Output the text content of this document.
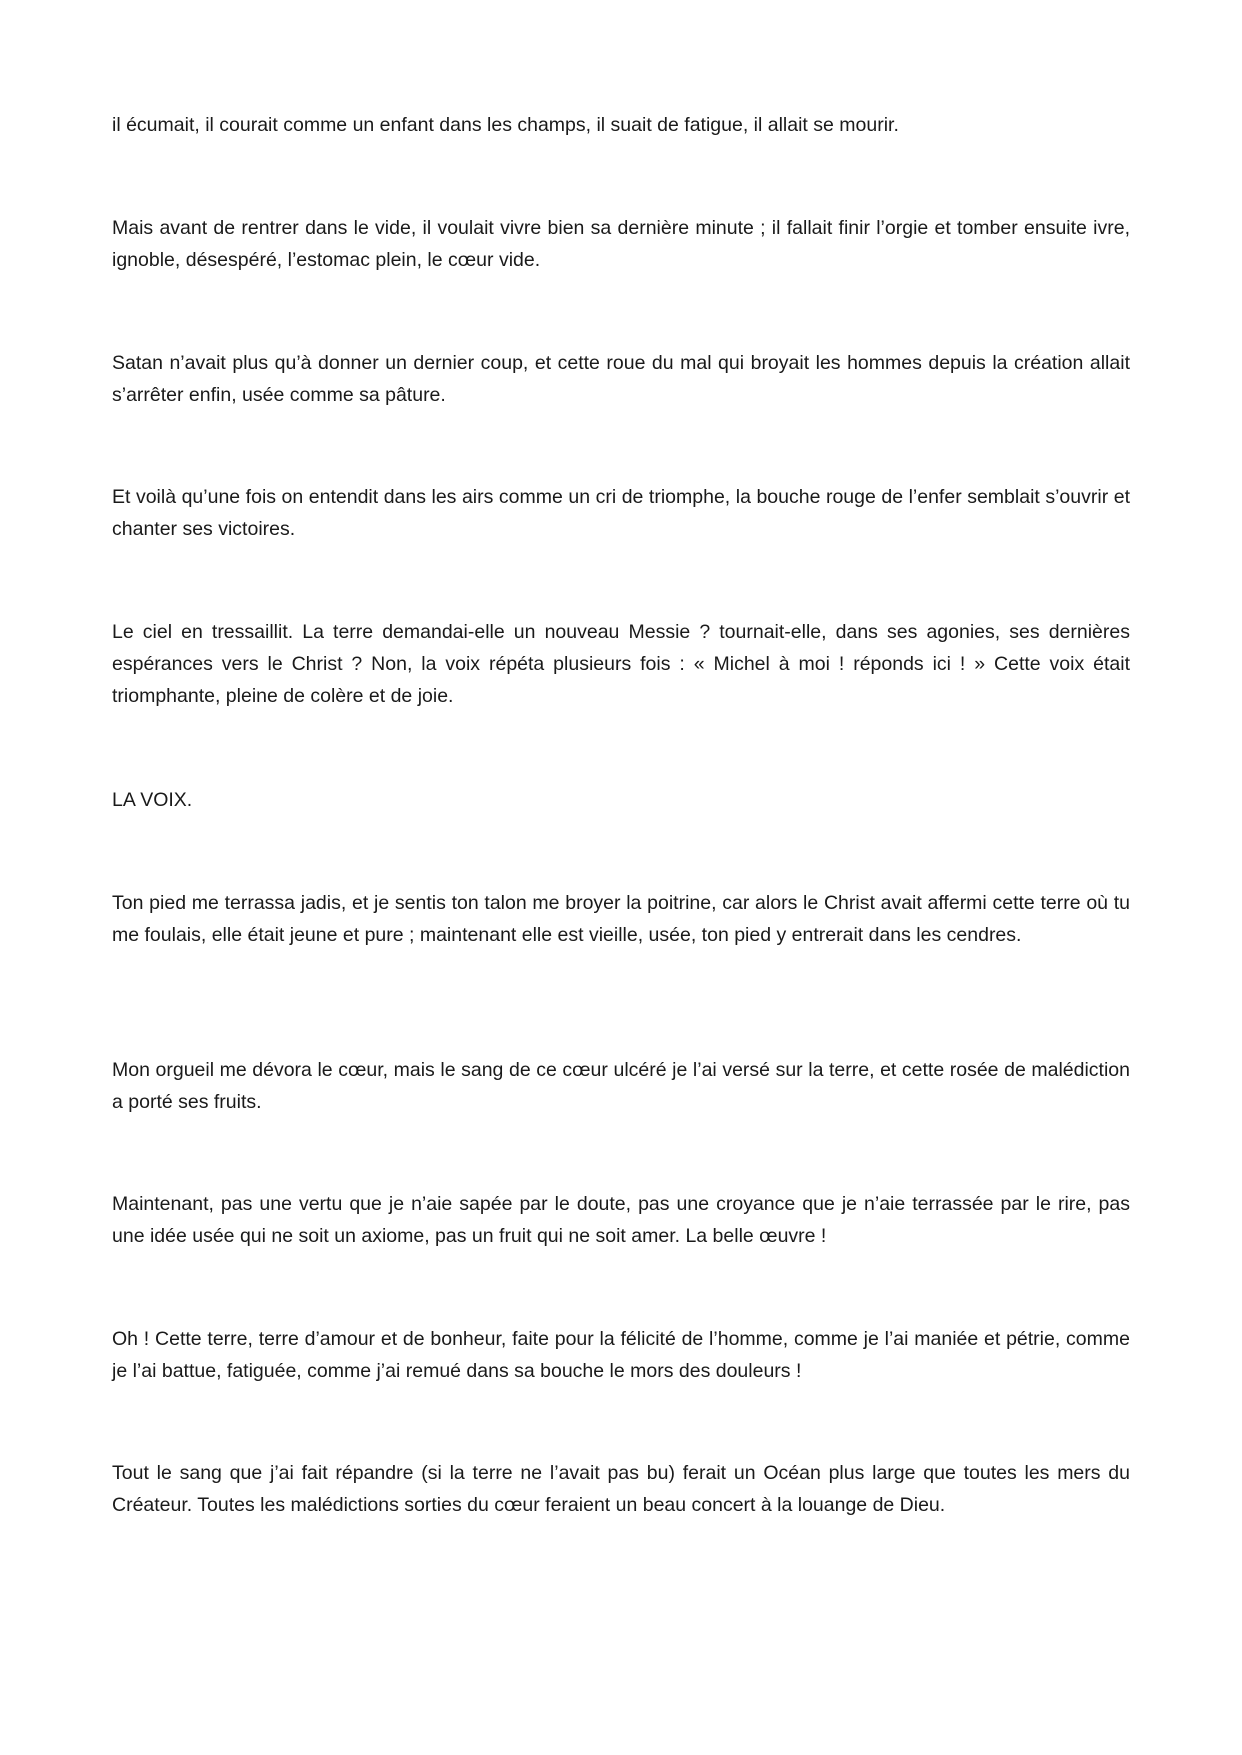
il écumait, il courait comme un enfant dans les champs, il suait de fatigue, il allait se mourir.

Mais avant de rentrer dans le vide, il voulait vivre bien sa dernière minute ; il fallait finir l’orgie et tomber ensuite ivre, ignoble, désespéré, l’estomac plein, le cœur vide.

Satan n’avait plus qu’à donner un dernier coup, et cette roue du mal qui broyait les hommes depuis la création allait s’arrêter enfin, usée comme sa pâture.

Et voilà qu’une fois on entendit dans les airs comme un cri de triomphe, la bouche rouge de l’enfer semblait s’ouvrir et chanter ses victoires.

Le ciel en tressaillit. La terre demandai-elle un nouveau Messie ? tournait-elle, dans ses agonies, ses dernières espérances vers le Christ ? Non, la voix répéta plusieurs fois : « Michel à moi ! réponds ici ! » Cette voix était triomphante, pleine de colère et de joie.

LA VOIX.

Ton pied me terrassa jadis, et je sentis ton talon me broyer la poitrine, car alors le Christ avait affermi cette terre où tu me foulais, elle était jeune et pure ; maintenant elle est vieille, usée, ton pied y entrerait dans les cendres.

Mon orgueil me dévora le cœur, mais le sang de ce cœur ulcéré je l’ai versé sur la terre, et cette rosée de malédiction a porté ses fruits.

Maintenant, pas une vertu que je n’aie sapée par le doute, pas une croyance que je n’aie terrassée par le rire, pas une idée usée qui ne soit un axiome, pas un fruit qui ne soit amer. La belle œuvre !

Oh ! Cette terre, terre d’amour et de bonheur, faite pour la félicité de l’homme, comme je l’ai maniée et pétrie, comme je l’ai battue, fatiguée, comme j’ai remué dans sa bouche le mors des douleurs !

Tout le sang que j’ai fait répandre (si la terre ne l’avait pas bu) ferait un Océan plus large que toutes les mers du Créateur. Toutes les malédictions sorties du cœur feraient un beau concert à la louange de Dieu.
